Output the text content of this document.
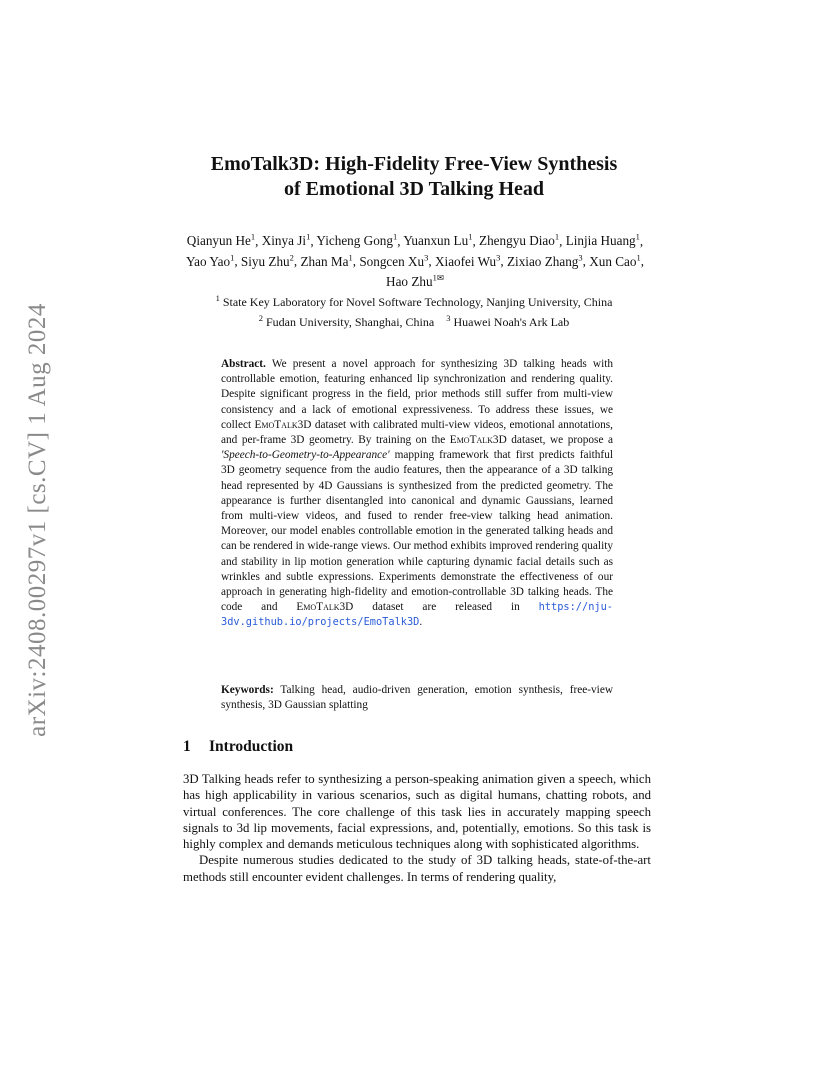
arXiv:2408.00297v1 [cs.CV] 1 Aug 2024
EmoTalk3D: High-Fidelity Free-View Synthesis
of Emotional 3D Talking Head
Qianyun He$^1$, Xinya Ji$^1$, Yicheng Gong$^1$, Yuanxun Lu$^1$, Zhengyu Diao$^1$, Linjia Huang$^1$, Yao Yao$^1$, Siyu Zhu$^2$, Zhan Ma$^1$, Songcen Xu$^3$, Xiaofei Wu$^3$, Zixiao Zhang$^3$, Xun Cao$^1$, Hao Zhu$^{1✉}$
$^1$ State Key Laboratory for Novel Software Technology, Nanjing University, China
$^2$ Fudan University, Shanghai, China $^3$ Huawei Noah's Ark Lab
Abstract. We present a novel approach for synthesizing 3D talking heads with controllable emotion, featuring enhanced lip synchronization and rendering quality. Despite significant progress in the field, prior methods still suffer from multi-view consistency and a lack of emotional expressiveness. To address these issues, we collect EmoTalk3D dataset with calibrated multi-view videos, emotional annotations, and per-frame 3D geometry. By training on the EmoTalk3D dataset, we propose a 'Speech-to-Geometry-to-Appearance' mapping framework that first predicts faithful 3D geometry sequence from the audio features, then the appearance of a 3D talking head represented by 4D Gaussians is synthesized from the predicted geometry. The appearance is further disentangled into canonical and dynamic Gaussians, learned from multi-view videos, and fused to render free-view talking head animation. Moreover, our model enables controllable emotion in the generated talking heads and can be rendered in wide-range views. Our method exhibits improved rendering quality and stability in lip motion generation while capturing dynamic facial details such as wrinkles and subtle expressions. Experiments demonstrate the effectiveness of our approach in generating high-fidelity and emotion-controllable 3D talking heads. The code and EmoTalk3D dataset are released in https://nju-3dv.github.io/projects/EmoTalk3D.
Keywords: Talking head, audio-driven generation, emotion synthesis, free-view synthesis, 3D Gaussian splatting
1 Introduction

3D Talking heads refer to synthesizing a person-speaking animation given a speech, which has high applicability in various scenarios, such as digital humans, chatting robots, and virtual conferences. The core challenge of this task lies in accurately mapping speech signals to 3d lip movements, facial expressions, and, potentially, emotions. So this task is highly complex and demands meticulous techniques along with sophisticated algorithms.

Despite numerous studies dedicated to the study of 3D talking heads, state-of-the-art methods still encounter evident challenges. In terms of rendering quality,
